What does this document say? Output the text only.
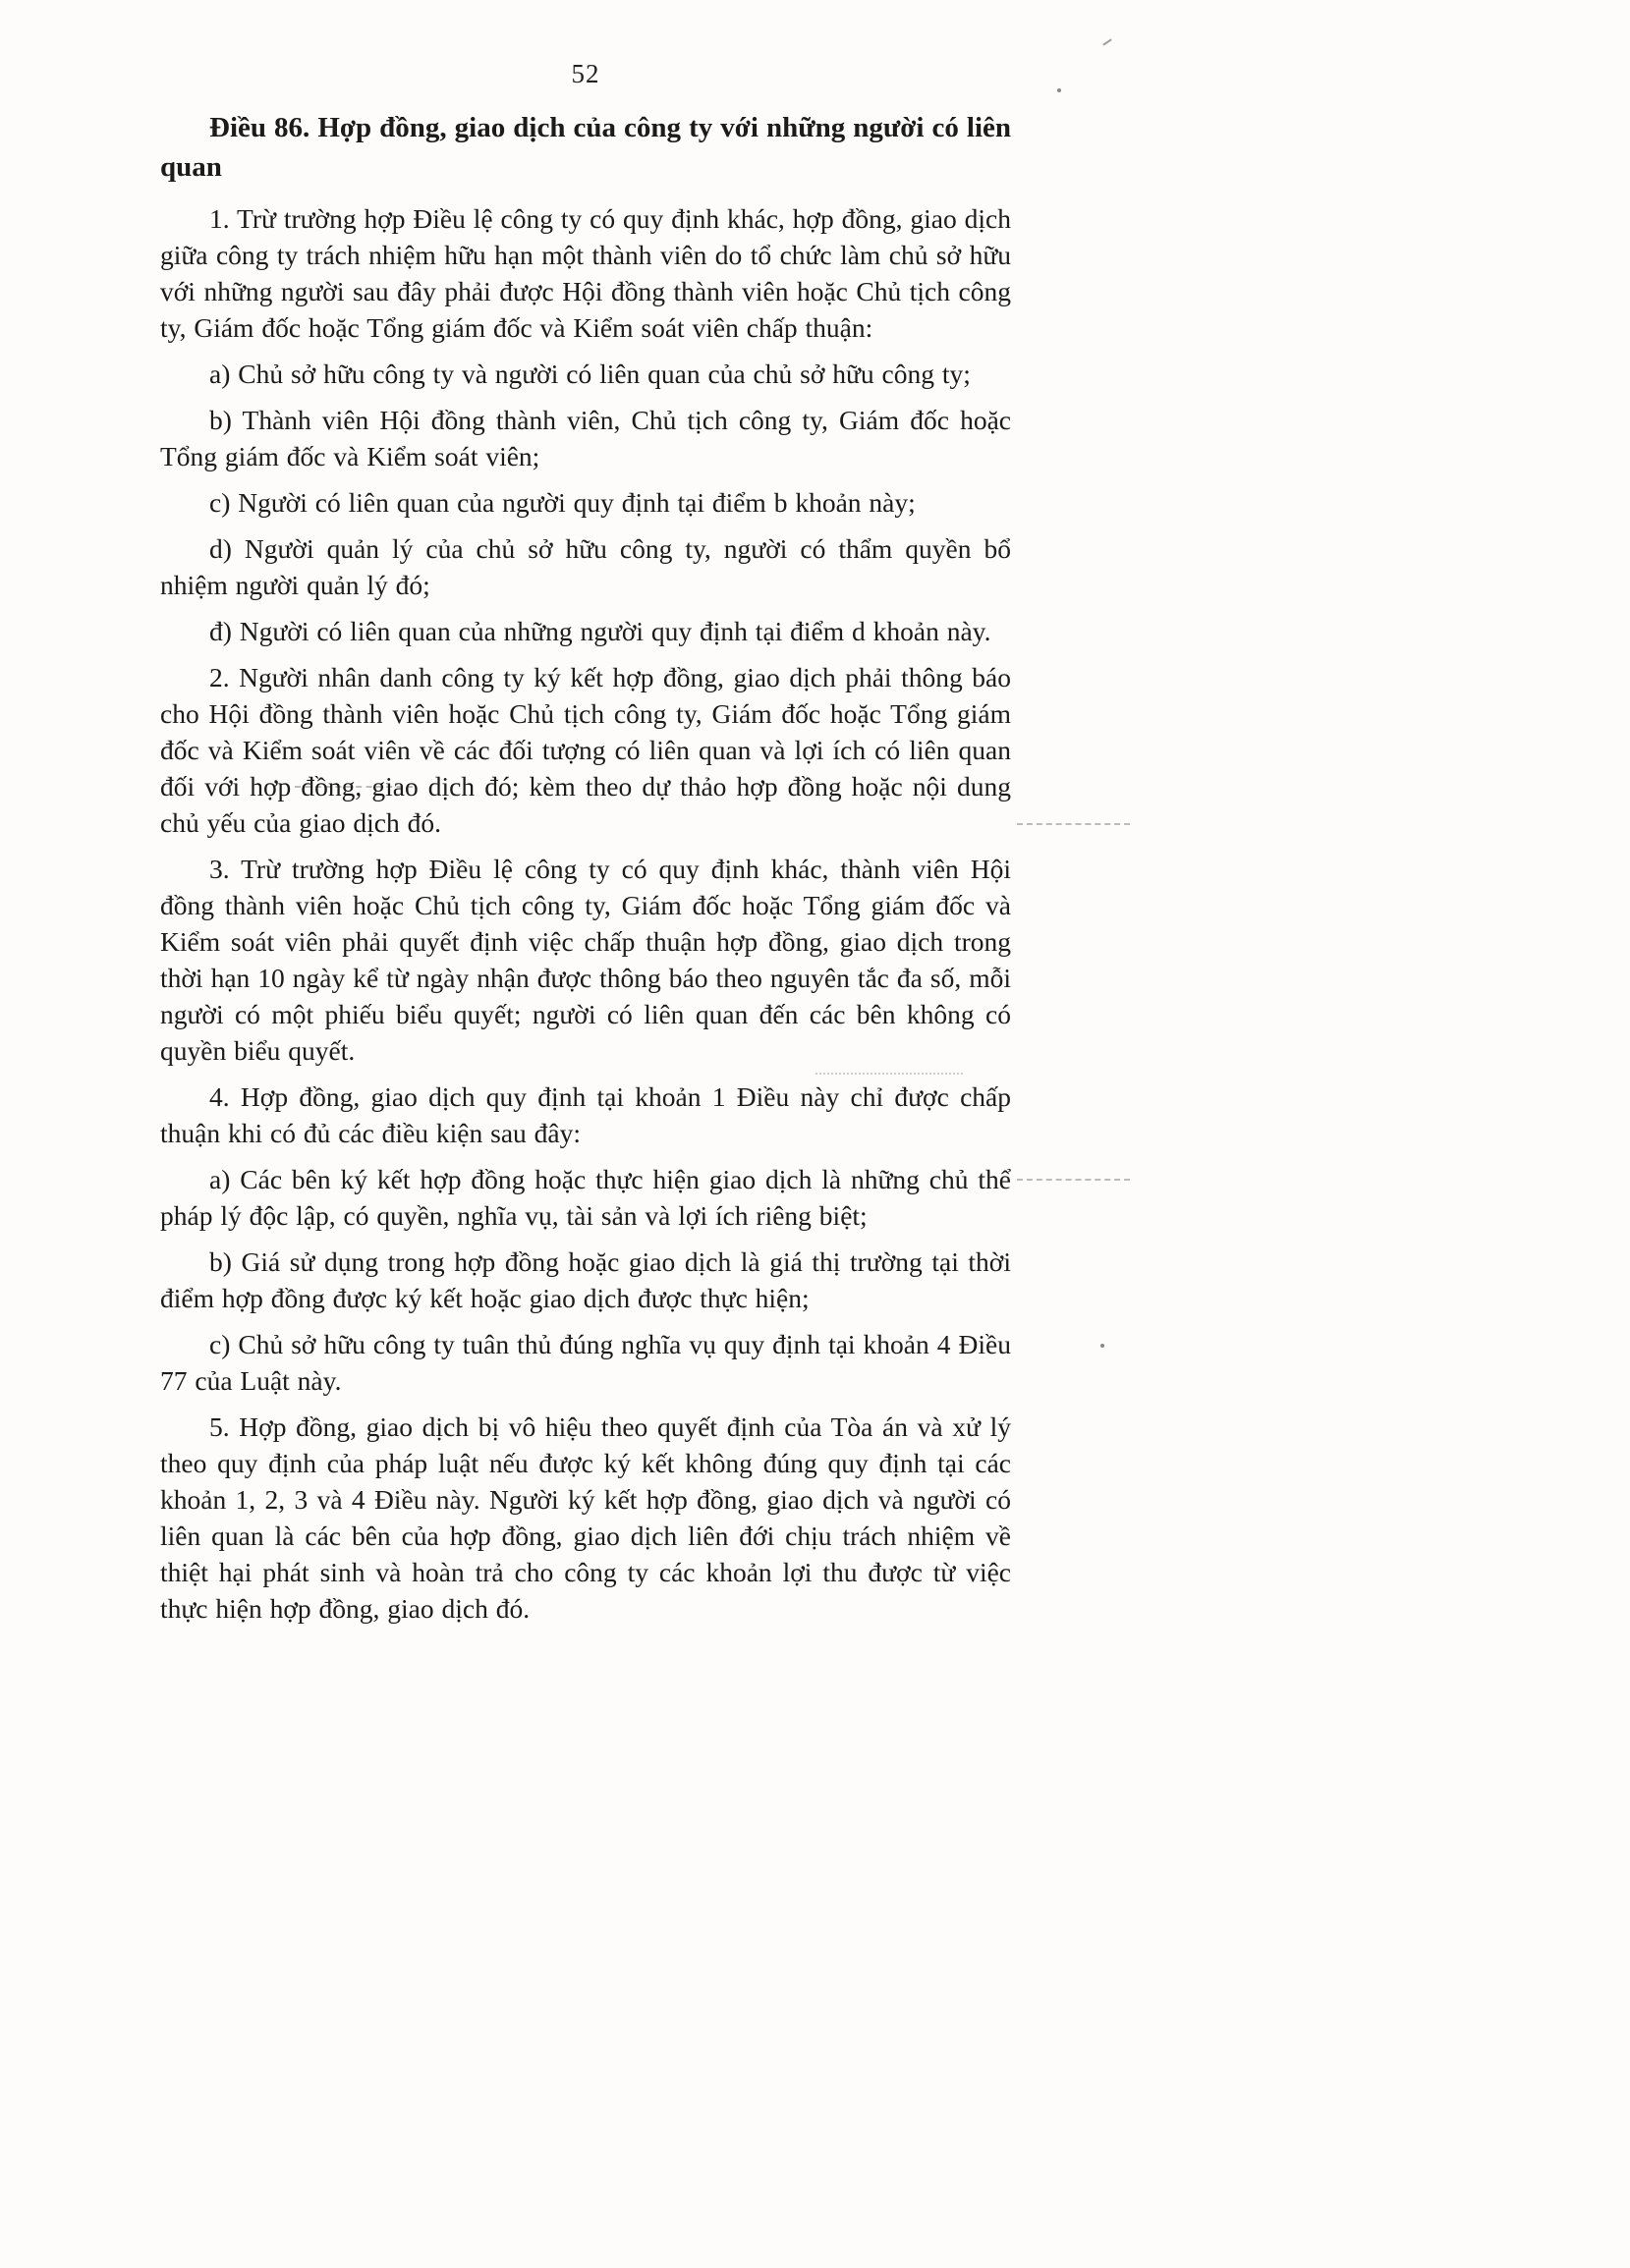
52

Điều 86. Hợp đồng, giao dịch của công ty với những người có liên quan

1. Trừ trường hợp Điều lệ công ty có quy định khác, hợp đồng, giao dịch giữa công ty trách nhiệm hữu hạn một thành viên do tổ chức làm chủ sở hữu với những người sau đây phải được Hội đồng thành viên hoặc Chủ tịch công ty, Giám đốc hoặc Tổng giám đốc và Kiểm soát viên chấp thuận:

a) Chủ sở hữu công ty và người có liên quan của chủ sở hữu công ty;

b) Thành viên Hội đồng thành viên, Chủ tịch công ty, Giám đốc hoặc Tổng giám đốc và Kiểm soát viên;

c) Người có liên quan của người quy định tại điểm b khoản này;

d) Người quản lý của chủ sở hữu công ty, người có thẩm quyền bổ nhiệm người quản lý đó;

đ) Người có liên quan của những người quy định tại điểm d khoản này.

2. Người nhân danh công ty ký kết hợp đồng, giao dịch phải thông báo cho Hội đồng thành viên hoặc Chủ tịch công ty, Giám đốc hoặc Tổng giám đốc và Kiểm soát viên về các đối tượng có liên quan và lợi ích có liên quan đối với hợp đồng, giao dịch đó; kèm theo dự thảo hợp đồng hoặc nội dung chủ yếu của giao dịch đó.

3. Trừ trường hợp Điều lệ công ty có quy định khác, thành viên Hội đồng thành viên hoặc Chủ tịch công ty, Giám đốc hoặc Tổng giám đốc và Kiểm soát viên phải quyết định việc chấp thuận hợp đồng, giao dịch trong thời hạn 10 ngày kể từ ngày nhận được thông báo theo nguyên tắc đa số, mỗi người có một phiếu biểu quyết; người có liên quan đến các bên không có quyền biểu quyết.

4. Hợp đồng, giao dịch quy định tại khoản 1 Điều này chỉ được chấp thuận khi có đủ các điều kiện sau đây:

a) Các bên ký kết hợp đồng hoặc thực hiện giao dịch là những chủ thể pháp lý độc lập, có quyền, nghĩa vụ, tài sản và lợi ích riêng biệt;

b) Giá sử dụng trong hợp đồng hoặc giao dịch là giá thị trường tại thời điểm hợp đồng được ký kết hoặc giao dịch được thực hiện;

c) Chủ sở hữu công ty tuân thủ đúng nghĩa vụ quy định tại khoản 4 Điều 77 của Luật này.

5. Hợp đồng, giao dịch bị vô hiệu theo quyết định của Tòa án và xử lý theo quy định của pháp luật nếu được ký kết không đúng quy định tại các khoản 1, 2, 3 và 4 Điều này. Người ký kết hợp đồng, giao dịch và người có liên quan là các bên của hợp đồng, giao dịch liên đới chịu trách nhiệm về thiệt hại phát sinh và hoàn trả cho công ty các khoản lợi thu được từ việc thực hiện hợp đồng, giao dịch đó.
